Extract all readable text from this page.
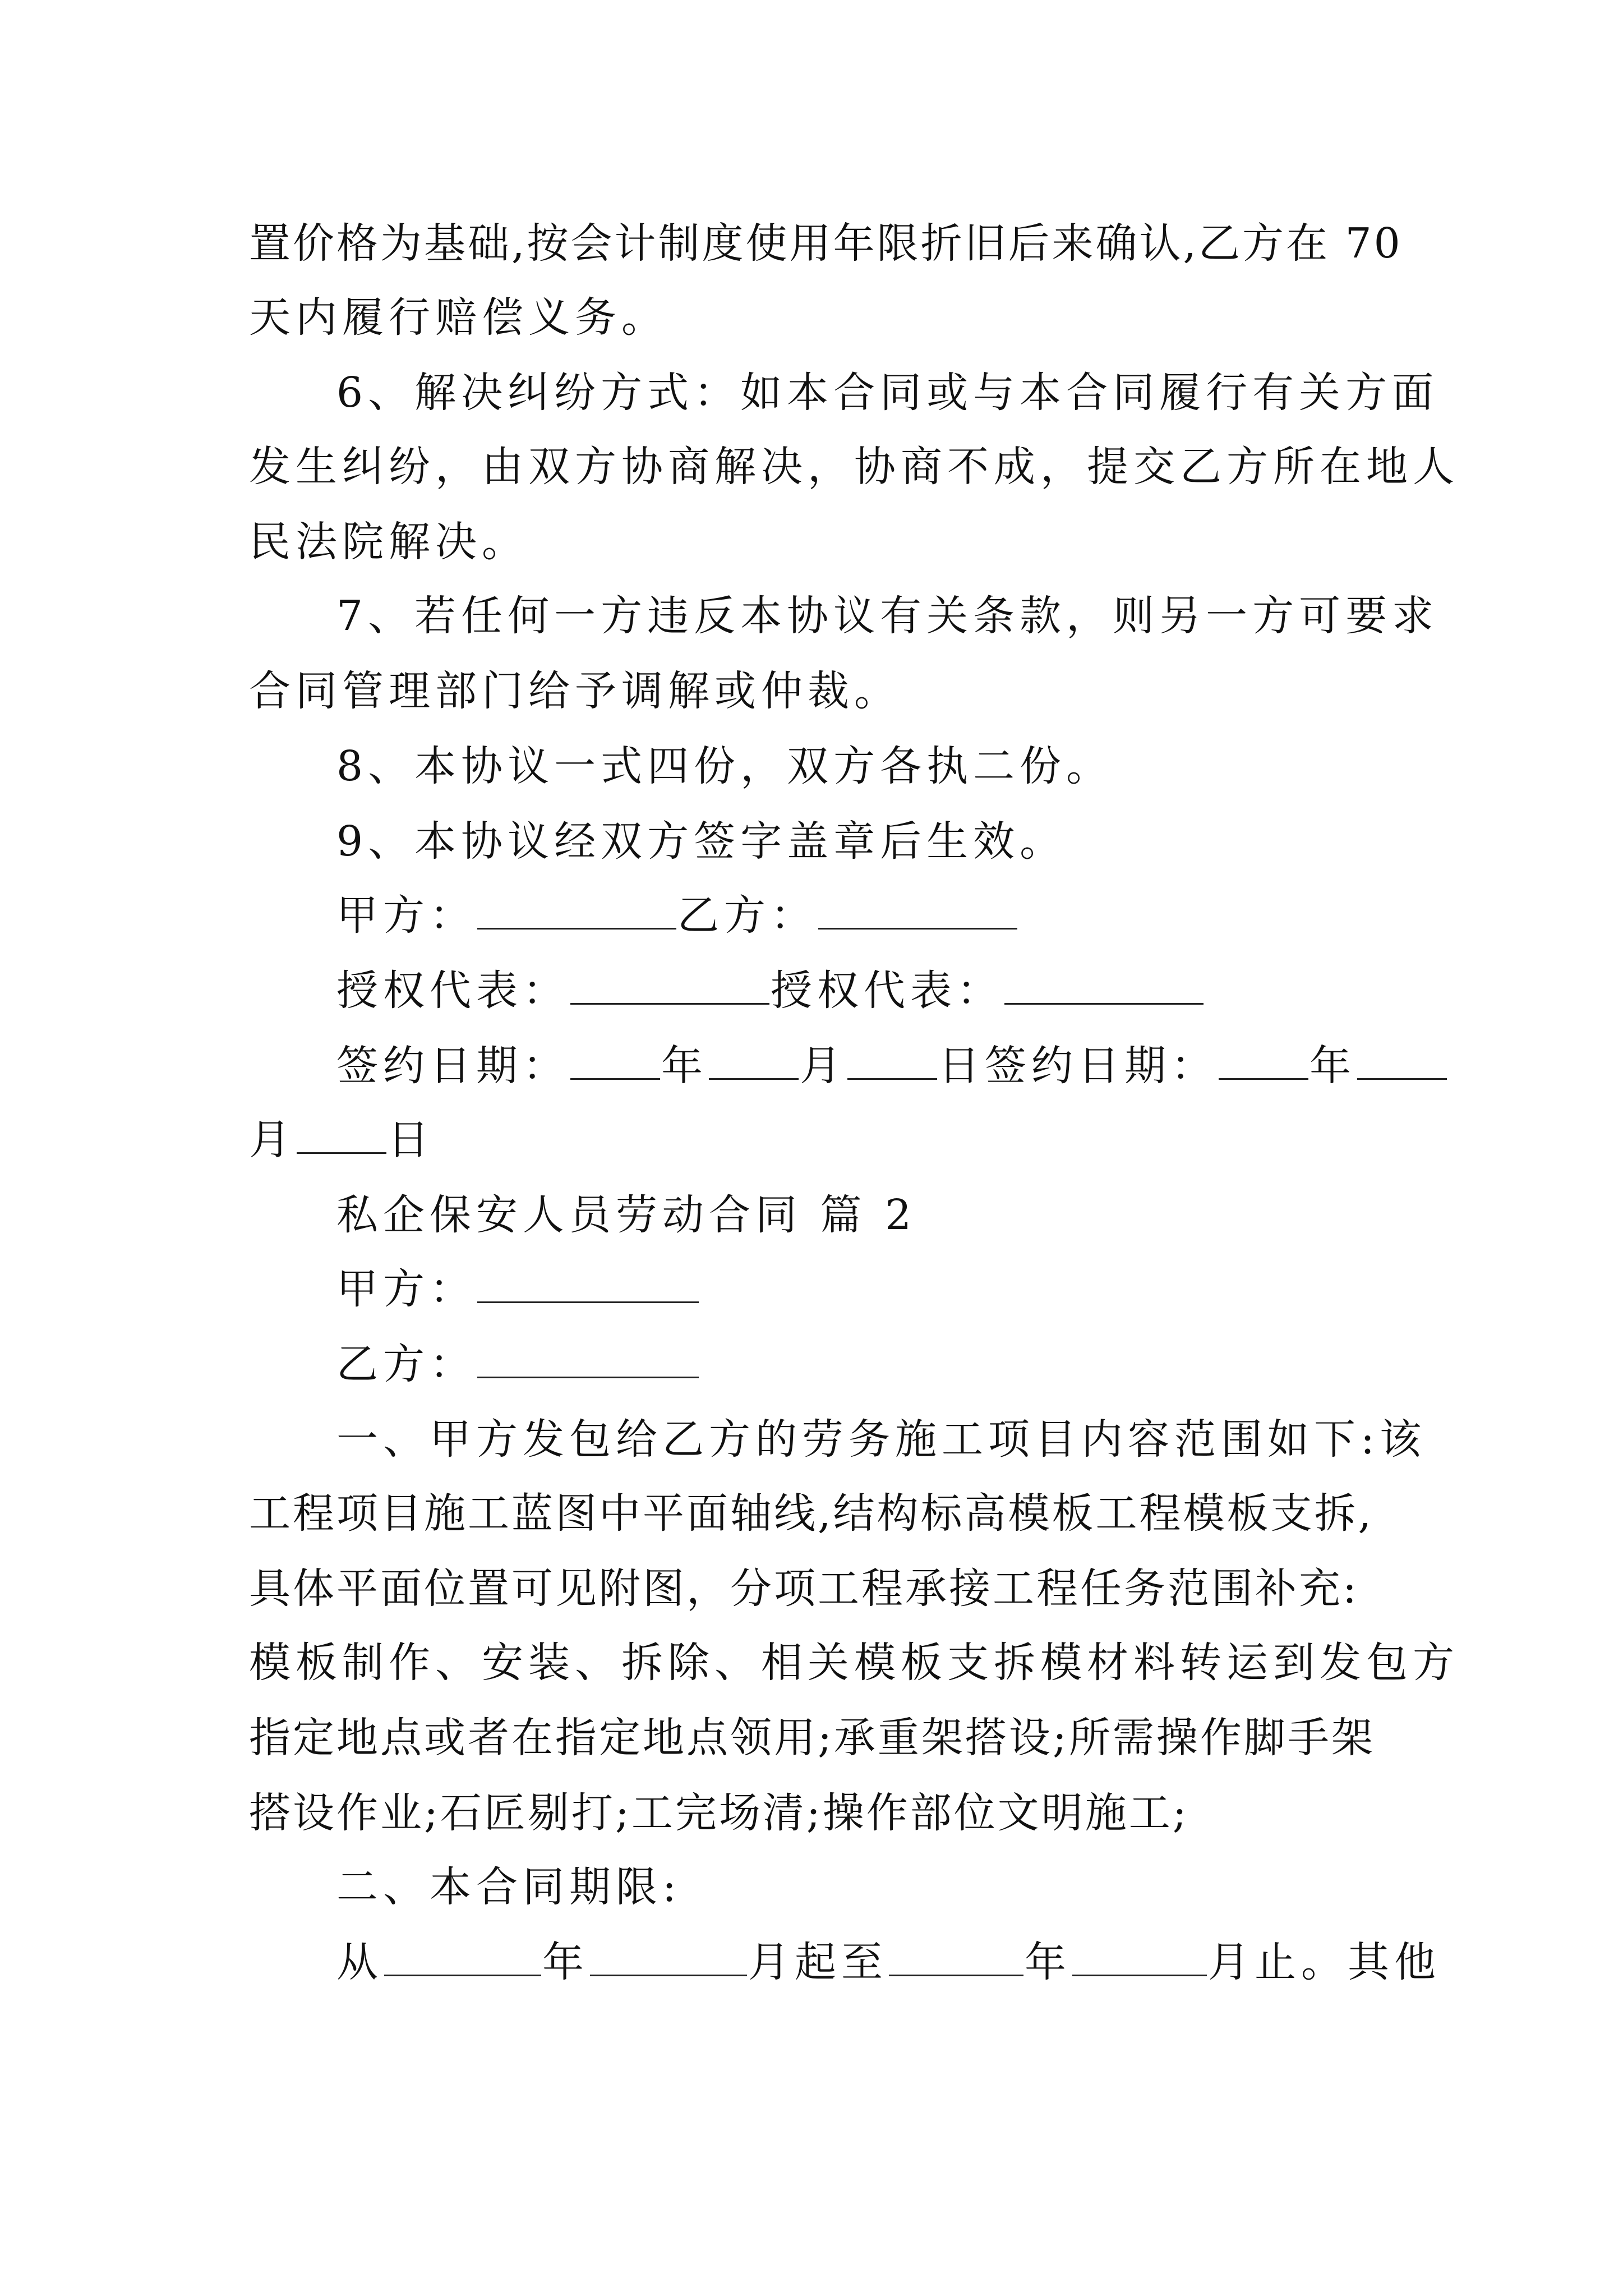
置价格为基础,按会计制度使用年限折旧后来确认,乙方在 70
天内履行赔偿义务。
6、解决纠纷方式：如本合同或与本合同履行有关方面
发生纠纷，由双方协商解决，协商不成，提交乙方所在地人
民法院解决。
7、若任何一方违反本协议有关条款，则另一方可要求
合同管理部门给予调解或仲裁。
8、本协议一式四份，双方各执二份。
9、本协议经双方签字盖章后生效。
甲方：	乙方：
授权代表：	授权代表：
签约日期： 年 月 日签约日期： 年
月 日
私企保安人员劳动合同 篇 2
甲方：
乙方：
一、甲方发包给乙方的劳务施工项目内容范围如下:该
工程项目施工蓝图中平面轴线,结构标高模板工程模板支拆,
具体平面位置可见附图，分项工程承接工程任务范围补充:
模板制作、安装、拆除、相关模板支拆模材料转运到发包方
指定地点或者在指定地点领用;承重架搭设;所需操作脚手架
搭设作业;石匠剔打;工完场清;操作部位文明施工;
二、本合同期限:
从	年	月起至	年	月止。其他
